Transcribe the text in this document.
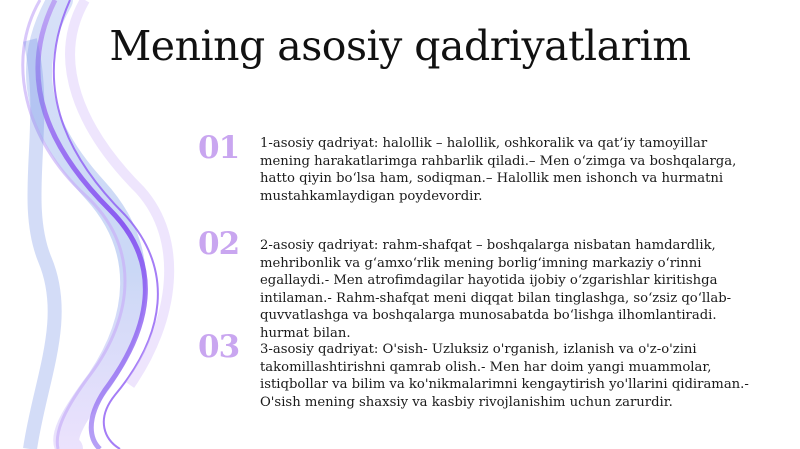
Mening asosiy qadriyatlarim
01	1-asosiy qadriyat: halollik – halollik, oshkoralik va qat’iy tamoyillar mening harakatlarimga rahbarlik qiladi.– Men o‘zimga va boshqalarga, hatto qiyin bo‘lsa ham, sodiqman.– Halollik men ishonch va hurmatni mustahkamlaydigan poydevordir.
02	2-asosiy qadriyat: rahm-shafqat – boshqalarga nisbatan hamdardlik, mehribonlik va g‘amxo‘rlik mening borlig‘imning markaziy o‘rinni egallaydi.- Men atrofimdagilar hayotida ijobiy o‘zgarishlar kiritishga intilaman.- Rahm-shafqat meni diqqat bilan tinglashga, so‘zsiz qo‘llab-quvvatlashga va boshqalarga munosabatda bo‘lishga ilhomlantiradi. hurmat bilan.
03	3-asosiy qadriyat: O'sish- Uzluksiz o'rganish, izlanish va o'z-o'zini takomillashtirishni qamrab olish.- Men har doim yangi muammolar, istiqbollar va bilim va ko'nikmalarimni kengaytirish yo'llarini qidiraman.- O'sish mening shaxsiy va kasbiy rivojlanishim uchun zarurdir.
